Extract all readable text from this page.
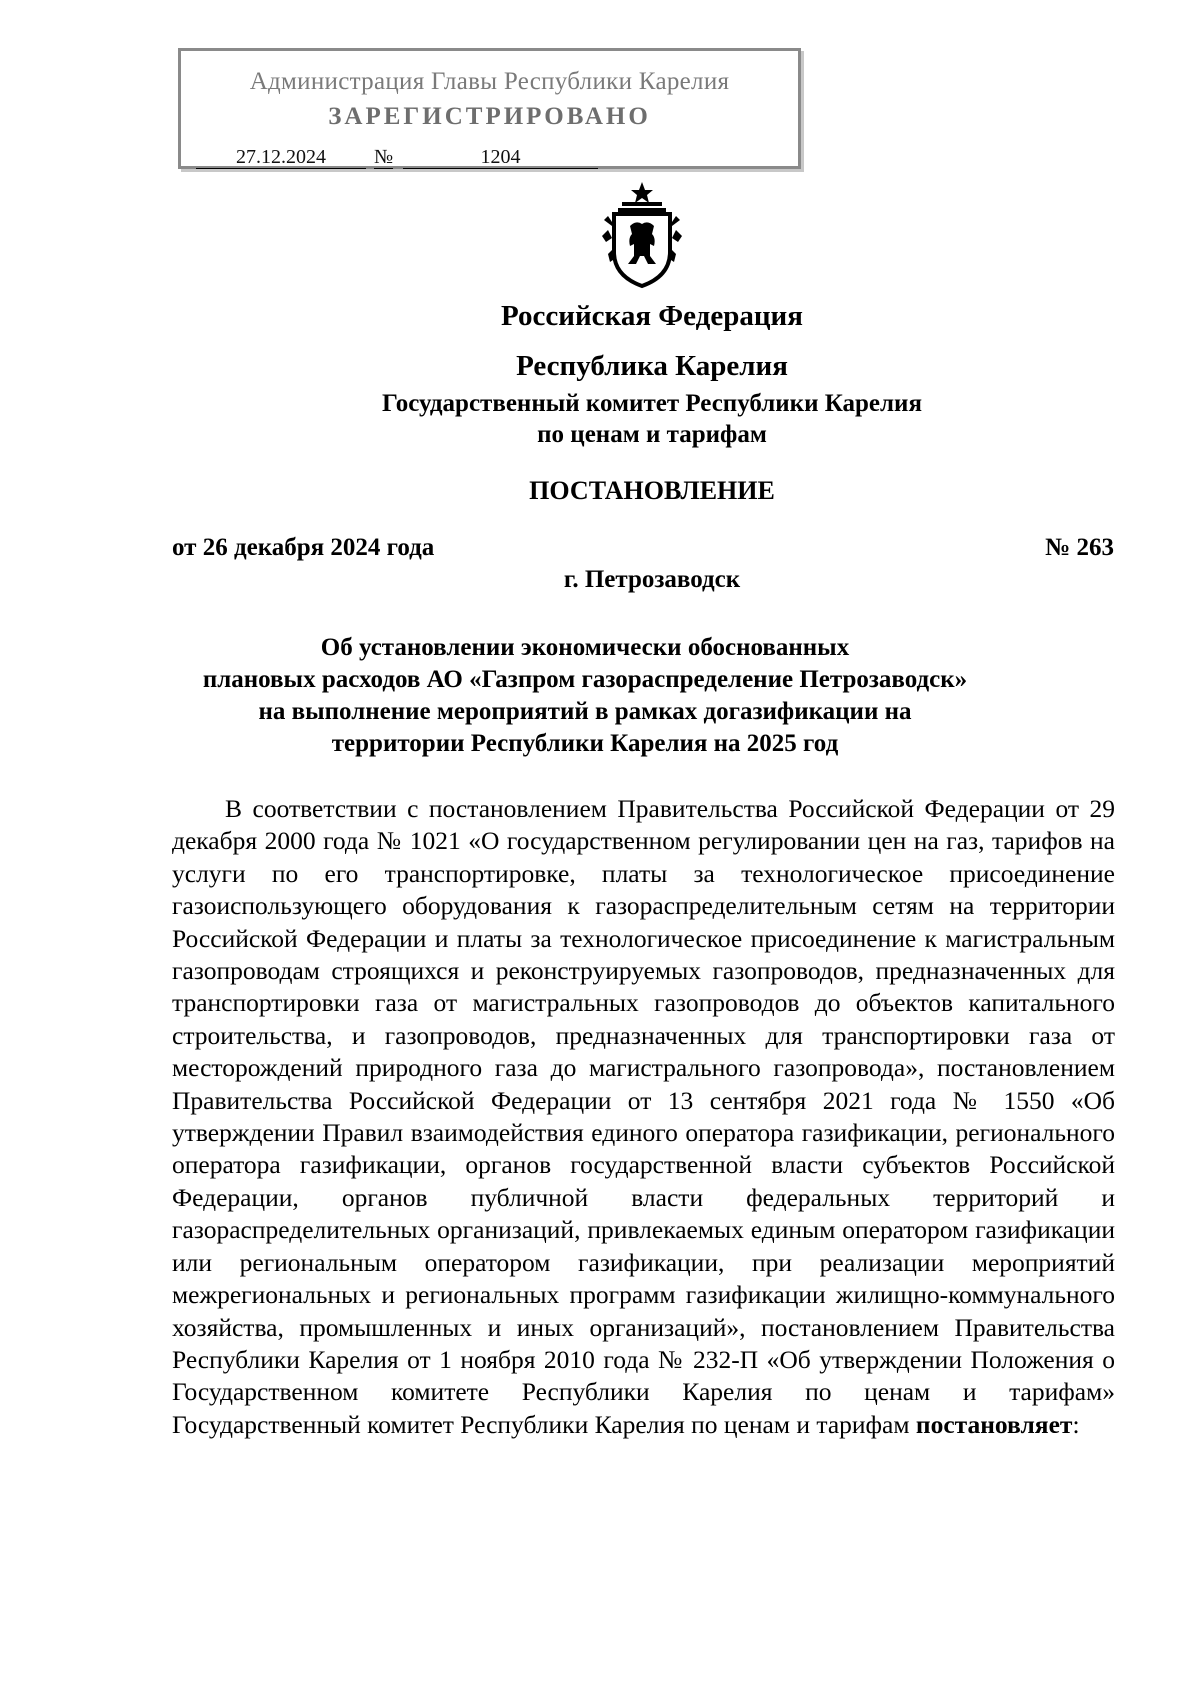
Администрация Главы Республики Карелия
ЗАРЕГИСТРИРОВАНО
27.12.2024	№	1204
Российская Федерация
Республика Карелия
Государственный комитет Республики Карелия
по ценам и тарифам
ПОСТАНОВЛЕНИЕ
от 26 декабря 2024 года	№ 263
г. Петрозаводск
Об установлении экономически обоснованных
плановых расходов АО «Газпром газораспределение Петрозаводск»
на выполнение мероприятий в рамках догазификации на
территории Республики Карелия на 2025 год
В соответствии с постановлением Правительства Российской Федерации от 29 декабря 2000 года № 1021 «О государственном регулировании цен на газ, тарифов на услуги по его транспортировке, платы за технологическое присоединение газоиспользующего оборудования к газораспределительным сетям на территории Российской Федерации и платы за технологическое присоединение к магистральным газопроводам строящихся и реконструируемых газопроводов, предназначенных для транспортировки газа от магистральных газопроводов до объектов капитального строительства, и газопроводов, предназначенных для транспортировки газа от месторождений природного газа до магистрального газопровода», постановлением Правительства Российской Федерации от 13 сентября 2021 года № 1550 «Об утверждении Правил взаимодействия единого оператора газификации, регионального оператора газификации, органов государственной власти субъектов Российской Федерации, органов публичной власти федеральных территорий и газораспределительных организаций, привлекаемых единым оператором газификации или региональным оператором газификации, при реализации мероприятий межрегиональных и региональных программ газификации жилищно-коммунального хозяйства, промышленных и иных организаций», постановлением Правительства Республики Карелия от 1 ноября 2010 года № 232-П «Об утверждении Положения о Государственном комитете Республики Карелия по ценам и тарифам» Государственный комитет Республики Карелия по ценам и тарифам постановляет:
